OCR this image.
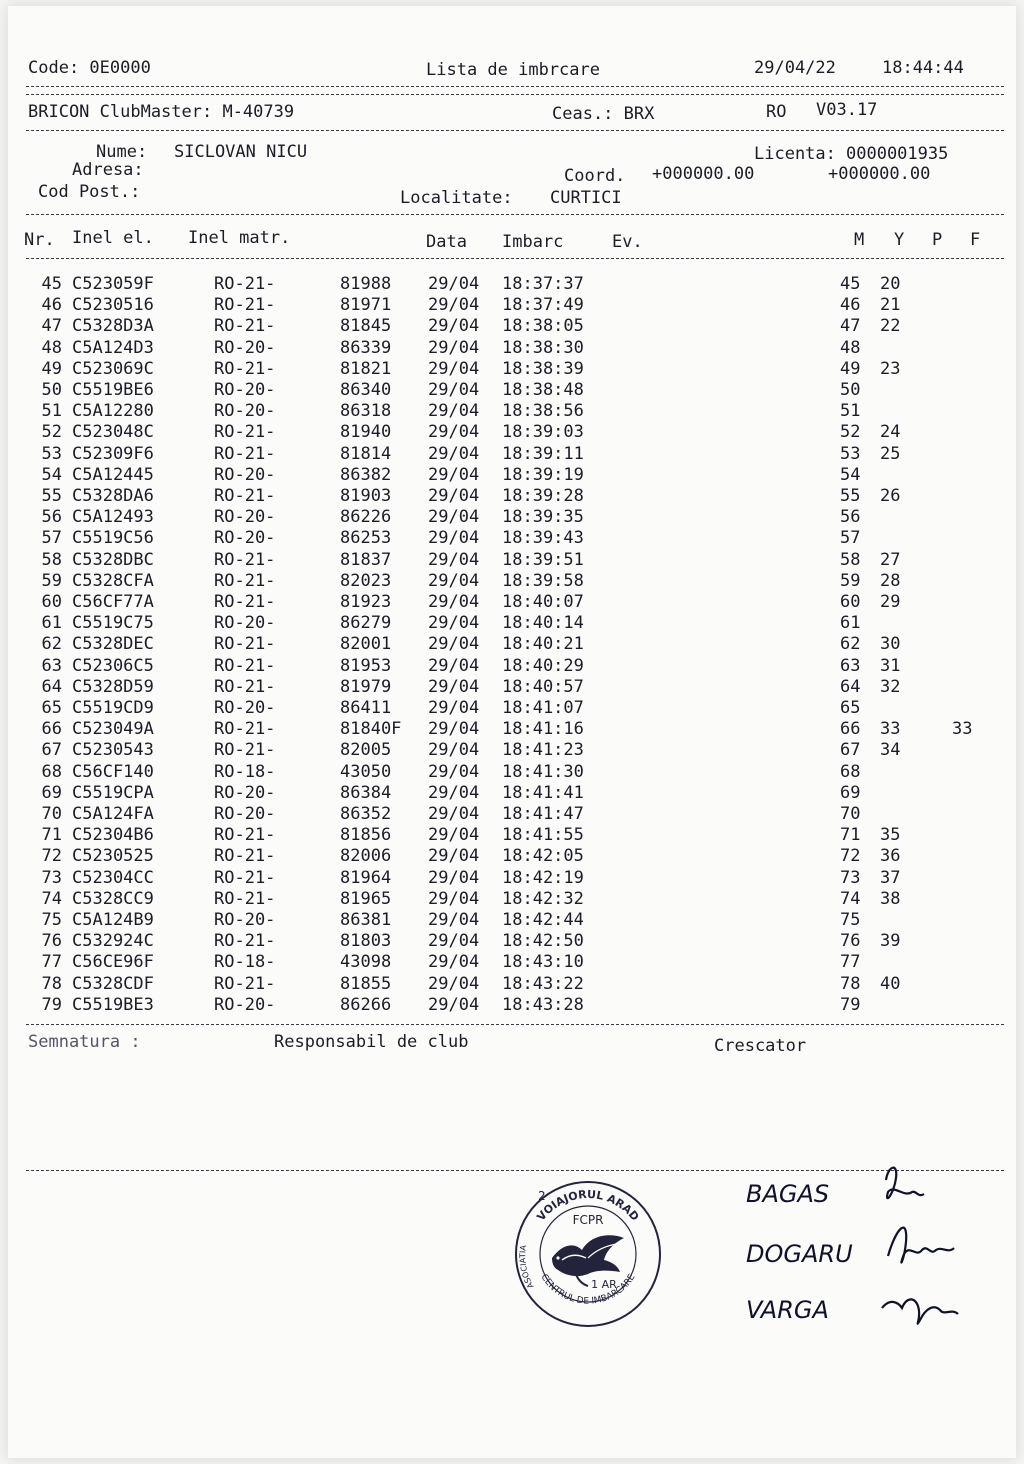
Code: 0E0000	Lista de imbrcare	29/04/22	18:44:44
BRICON ClubMaster: M-40739	Ceas.: BRX	RO V03.17
Nume: SICLOVAN NICU	Licenta: 0000001935
Adresa:	Coord. +000000.00	+000000.00
Cod Post.:	Localitate: CURTICI
Nr. Inel el. Inel matr.	Data Imbarc	Ev.	M Y P F
45 C523059F	RO-21-	81988 29/04 18:37:37	45 20
46 C5230516	RO-21-	81971 29/04 18:37:49	46 21
47 C5328D3A	RO-21-	81845 29/04 18:38:05	47 22
48 C5A124D3	RO-20-	86339 29/04 18:38:30	48
49 C523069C	RO-21-	81821 29/04 18:38:39	49 23
50 C5519BE6	RO-20-	86340 29/04 18:38:48	50
51 C5A12280	RO-20-	86318 29/04 18:38:56	51
52 C523048C	RO-21-	81940 29/04 18:39:03	52 24
53 C52309F6	RO-21-	81814 29/04 18:39:11	53 25
54 C5A12445	RO-20-	86382 29/04 18:39:19	54
55 C5328DA6	RO-21-	81903 29/04 18:39:28	55 26
56 C5A12493	RO-20-	86226 29/04 18:39:35	56
57 C5519C56	RO-20-	86253 29/04 18:39:43	57
58 C5328DBC	RO-21-	81837 29/04 18:39:51	58 27
59 C5328CFA	RO-21-	82023 29/04 18:39:58	59 28
60 C56CF77A	RO-21-	81923 29/04 18:40:07	60 29
61 C5519C75	RO-20-	86279 29/04 18:40:14	61
62 C5328DEC	RO-21-	82001 29/04 18:40:21	62 30
63 C52306C5	RO-21-	81953 29/04 18:40:29	63 31
64 C5328D59	RO-21-	81979 29/04 18:40:57	64 32
65 C5519CD9	RO-20-	86411 29/04 18:41:07	65
66 C523049A	RO-21-	81840F 29/04 18:41:16	66 33	33
67 C5230543	RO-21-	82005 29/04 18:41:23	67 34
68 C56CF140	RO-18-	43050 29/04 18:41:30	68
69 C5519CPA	RO-20-	86384 29/04 18:41:41	69
70 C5A124FA	RO-20-	86352 29/04 18:41:47	70
71 C52304B6	RO-21-	81856 29/04 18:41:55	71 35
72 C5230525	RO-21-	82006 29/04 18:42:05	72 36
73 C52304CC	RO-21-	81964 29/04 18:42:19	73 37
74 C5328CC9	RO-21-	81965 29/04 18:42:32	74 38
75 C5A124B9	RO-20-	86381 29/04 18:42:44	75
76 C532924C	RO-21-	81803 29/04 18:42:50	76 39
77 C56CE96F	RO-18-	43098 29/04 18:43:10	77
78 C5328CDF	RO-21-	81855 29/04 18:43:22	78 40
79 C5519BE3	RO-20-	86266 29/04 18:43:28	79
Semnatura :	Responsabil de club	Crescator
VOIAJORUL ARAD
ASOCIATIA
CENTRUL DE IMBARCARE
FCPR
2
1 AR
BAGAS
DOGARU
VARGA
